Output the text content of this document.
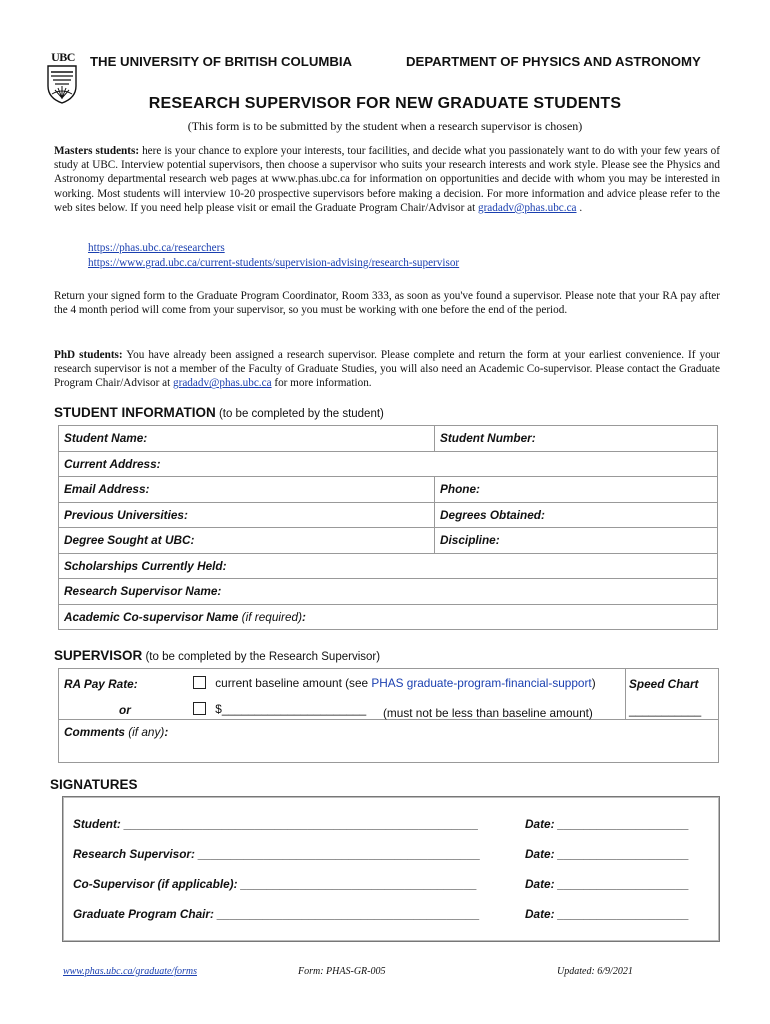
UBC	THE UNIVERSITY OF BRITISH COLUMBIA	DEPARTMENT OF PHYSICS AND ASTRONOMY
RESEARCH SUPERVISOR FOR NEW GRADUATE STUDENTS
(This form is to be submitted by the student when a research supervisor is chosen)
Masters students: here is your chance to explore your interests, tour facilities, and decide what you passionately want to do with your few years of study at UBC. Interview potential supervisors, then choose a supervisor who suits your research interests and work style. Please see the Physics and Astronomy departmental research web pages at www.phas.ubc.ca for information on opportunities and decide with whom you may be interested in working. Most students will interview 10-20 prospective supervisors before making a decision. For more information and advice please refer to the web sites below. If you need help please visit or email the Graduate Program Chair/Advisor at gradadv@phas.ubc.ca .
https://phas.ubc.ca/researchers
https://www.grad.ubc.ca/current-students/supervision-advising/research-supervisor
Return your signed form to the Graduate Program Coordinator, Room 333, as soon as you've found a supervisor. Please note that your RA pay after the 4 month period will come from your supervisor, so you must be working with one before the end of the period.
PhD students: You have already been assigned a research supervisor. Please complete and return the form at your earliest convenience. If your research supervisor is not a member of the Faculty of Graduate Studies, you will also need an Academic Co-supervisor. Please contact the Graduate Program Chair/Advisor at gradadv@phas.ubc.ca for more information.
STUDENT INFORMATION (to be completed by the student)
Student Name:	Student Number:
Current Address:	
Email Address:	Phone:
Previous Universities:	Degrees Obtained:
Degree Sought at UBC:	Discipline:
Scholarships Currently Held:	
Research Supervisor Name:	
Academic Co-supervisor Name (if required):	
SUPERVISOR (to be completed by the Research Supervisor)
RA Pay Rate:	current baseline amount (see PHAS graduate-program-financial-support)	Speed Chart
or	$______________________ (must not be less than baseline amount)	___________
Comments (if any):
SIGNATURES
Student: ______________________________________________________	Date: ____________________
Research Supervisor: ___________________________________________	Date: ____________________
Co-Supervisor (if applicable): ____________________________________	Date: ____________________
Graduate Program Chair: ________________________________________	Date: ____________________
www.phas.ubc.ca/graduate/forms	Form: PHAS-GR-005	Updated: 6/9/2021
